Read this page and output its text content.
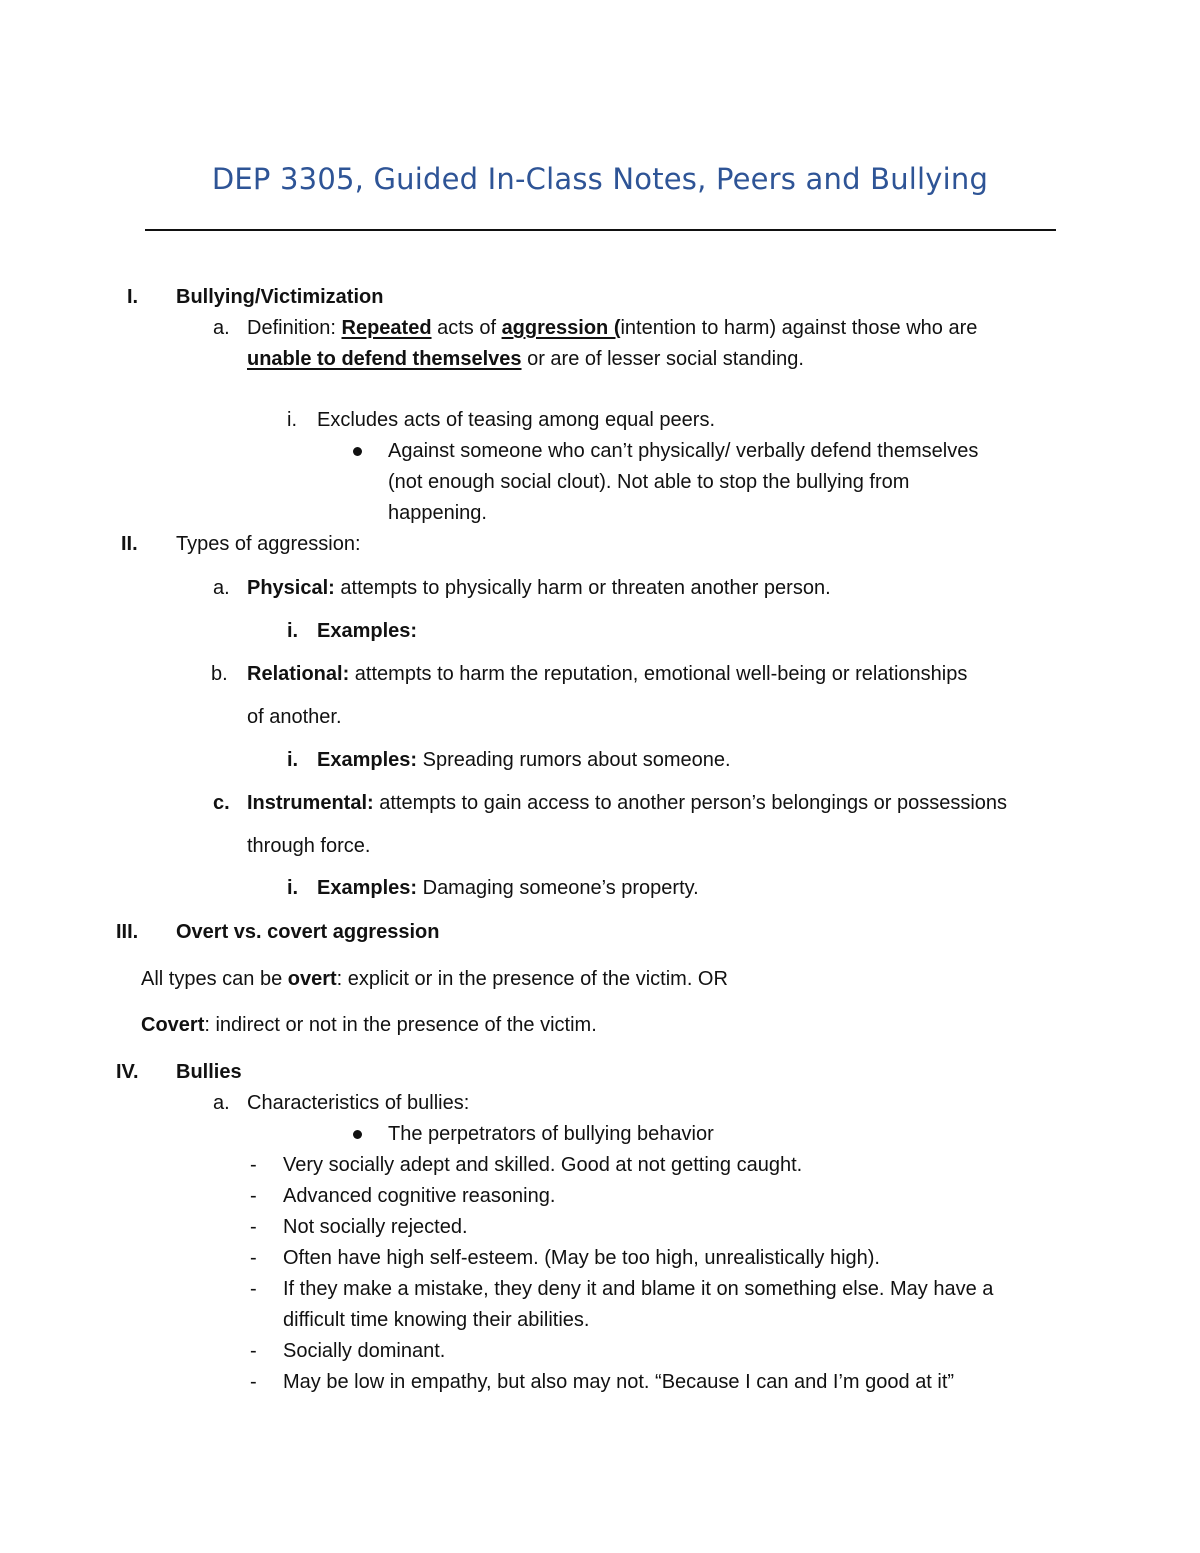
DEP 3305, Guided In-Class Notes, Peers and Bullying
I. Bullying/Victimization
a. Definition: Repeated acts of aggression (intention to harm) against those who are
unable to defend themselves or are of lesser social standing.
i. Excludes acts of teasing among equal peers.
Against someone who can’t physically/ verbally defend themselves
(not enough social clout). Not able to stop the bullying from
happening.
II. Types of aggression:
a. Physical: attempts to physically harm or threaten another person.
i. Examples:
b. Relational: attempts to harm the reputation, emotional well-being or relationships
of another.
i. Examples: Spreading rumors about someone.
c. Instrumental: attempts to gain access to another person’s belongings or possessions
through force.
i. Examples: Damaging someone’s property.
III. Overt vs. covert aggression
All types can be overt: explicit or in the presence of the victim. OR
Covert: indirect or not in the presence of the victim.
IV. Bullies
a. Characteristics of bullies:
The perpetrators of bullying behavior
- Very socially adept and skilled. Good at not getting caught.
- Advanced cognitive reasoning.
- Not socially rejected.
- Often have high self-esteem. (May be too high, unrealistically high).
- If they make a mistake, they deny it and blame it on something else. May have a
difficult time knowing their abilities.
- Socially dominant.
- May be low in empathy, but also may not. “Because I can and I’m good at it”
